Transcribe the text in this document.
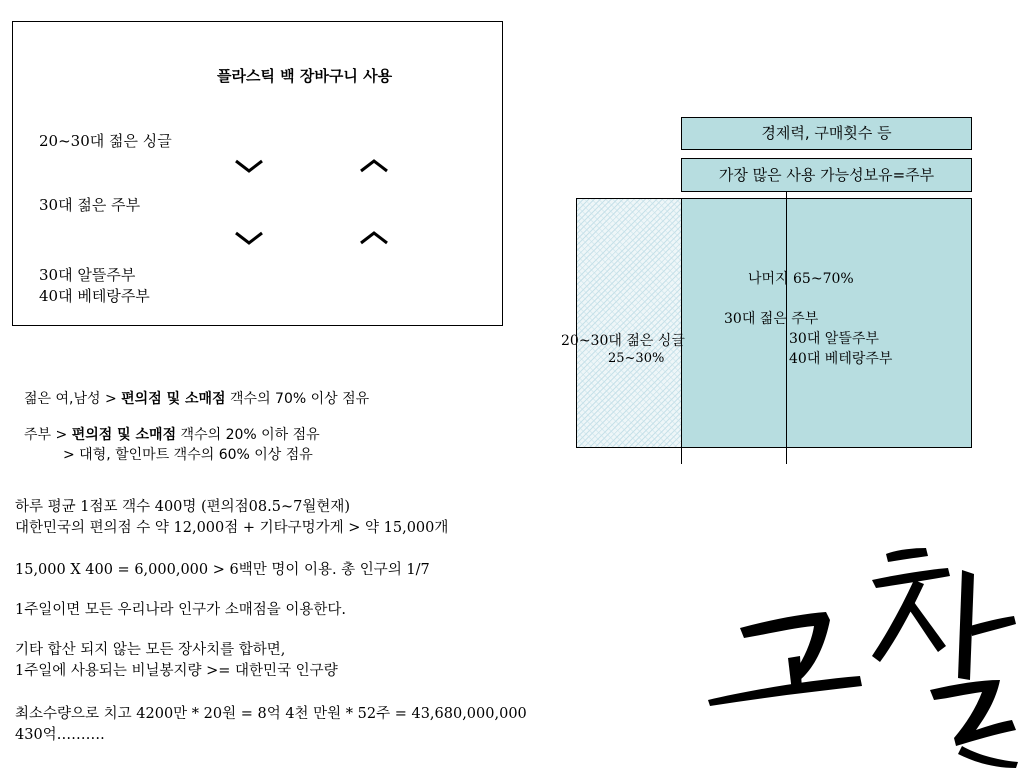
플라스틱 백 장바구니 사용
20~30대 젊은 싱글
30대 젊은 주부
30대 알뜰주부
40대 베테랑주부
젊은 여,남성 > 편의점 및 소매점 객수의 70% 이상 점유
주부 > 편의점 및 소매점 객수의 20% 이하 점유
> 대형, 할인마트 객수의 60% 이상 점유
경제력, 구매횟수 등
가장 많은 사용 가능성보유=주부
나머지 65~70%
30대 젊은 주부
20~30대 젊은 싱글
25~30%
30대 알뜰주부
40대 베테랑주부
하루 평균 1점포 객수 400명 (편의점08.5~7월현재)
대한민국의 편의점 수 약 12,000점 + 기타구멍가게 > 약 15,000개
15,000 X 400 = 6,000,000 > 6백만 명이 이용. 총 인구의 1/7
1주일이면 모든 우리나라 인구가 소매점을 이용한다.
기타 합산 되지 않는 모든 장사치를 합하면,
1주일에 사용되는 비닐봉지량 >= 대한민국 인구량
최소수량으로 치고 4200만 * 20원 = 8억 4천 만원 * 52주 = 43,680,000,000
430억……….
